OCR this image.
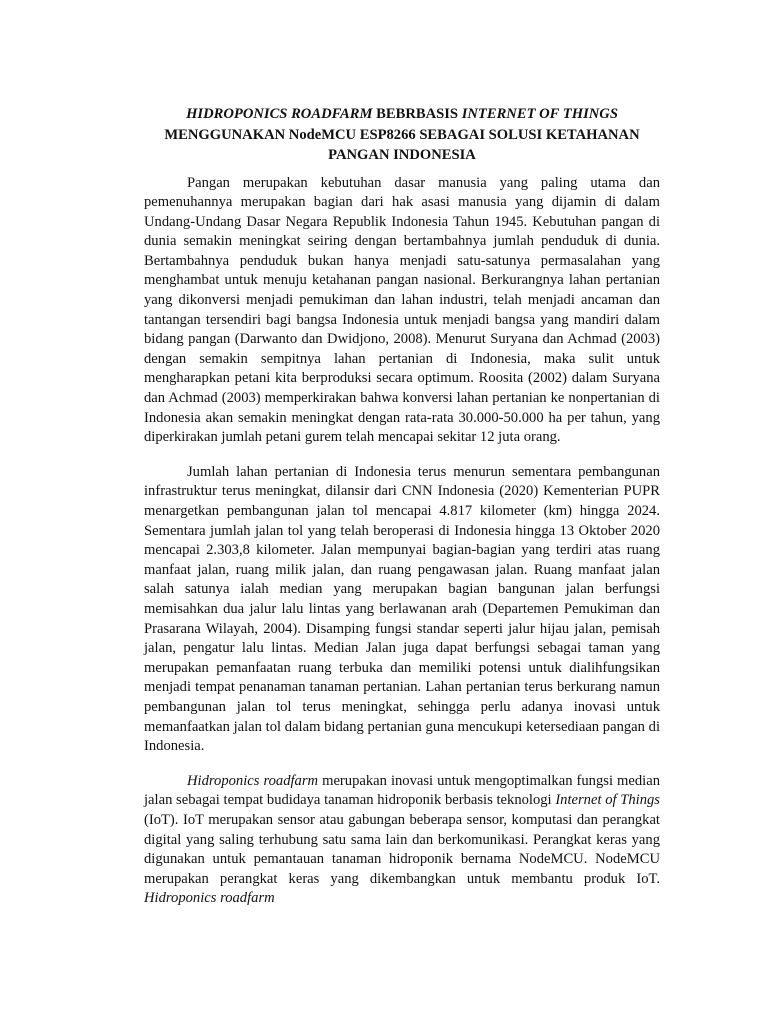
HIDROPONICS ROADFARM BEBRBASIS INTERNET OF THINGS
MENGGUNAKAN NodeMCU ESP8266 SEBAGAI SOLUSI KETAHANAN
PANGAN INDONESIA

Pangan merupakan kebutuhan dasar manusia yang paling utama dan pemenuhannya merupakan bagian dari hak asasi manusia yang dijamin di dalam Undang-Undang Dasar Negara Republik Indonesia Tahun 1945. Kebutuhan pangan di dunia semakin meningkat seiring dengan bertambahnya jumlah penduduk di dunia. Bertambahnya penduduk bukan hanya menjadi satu-satunya permasalahan yang menghambat untuk menuju ketahanan pangan nasional. Berkurangnya lahan pertanian yang dikonversi menjadi pemukiman dan lahan industri, telah menjadi ancaman dan tantangan tersendiri bagi bangsa Indonesia untuk menjadi bangsa yang mandiri dalam bidang pangan (Darwanto dan Dwidjono, 2008). Menurut Suryana dan Achmad (2003) dengan semakin sempitnya lahan pertanian di Indonesia, maka sulit untuk mengharapkan petani kita berproduksi secara optimum. Roosita (2002) dalam Suryana dan Achmad (2003) memperkirakan bahwa konversi lahan pertanian ke nonpertanian di Indonesia akan semakin meningkat dengan rata-rata 30.000-50.000 ha per tahun, yang diperkirakan jumlah petani gurem telah mencapai sekitar 12 juta orang.

Jumlah lahan pertanian di Indonesia terus menurun sementara pembangunan infrastruktur terus meningkat, dilansir dari CNN Indonesia (2020) Kementerian PUPR menargetkan pembangunan jalan tol mencapai 4.817 kilometer (km) hingga 2024. Sementara jumlah jalan tol yang telah beroperasi di Indonesia hingga 13 Oktober 2020 mencapai 2.303,8 kilometer. Jalan mempunyai bagian-bagian yang terdiri atas ruang manfaat jalan, ruang milik jalan, dan ruang pengawasan jalan. Ruang manfaat jalan salah satunya ialah median yang merupakan bagian bangunan jalan berfungsi memisahkan dua jalur lalu lintas yang berlawanan arah (Departemen Pemukiman dan Prasarana Wilayah, 2004). Disamping fungsi standar seperti jalur hijau jalan, pemisah jalan, pengatur lalu lintas. Median Jalan juga dapat berfungsi sebagai taman yang merupakan pemanfaatan ruang terbuka dan memiliki potensi untuk dialihfungsikan menjadi tempat penanaman tanaman pertanian. Lahan pertanian terus berkurang namun pembangunan jalan tol terus meningkat, sehingga perlu adanya inovasi untuk memanfaatkan jalan tol dalam bidang pertanian guna mencukupi ketersediaan pangan di Indonesia.

Hidroponics roadfarm merupakan inovasi untuk mengoptimalkan fungsi median jalan sebagai tempat budidaya tanaman hidroponik berbasis teknologi Internet of Things (IoT). IoT merupakan sensor atau gabungan beberapa sensor, komputasi dan perangkat digital yang saling terhubung satu sama lain dan berkomunikasi. Perangkat keras yang digunakan untuk pemantauan tanaman hidroponik bernama NodeMCU. NodeMCU merupakan perangkat keras yang dikembangkan untuk membantu produk IoT. Hidroponics roadfarm
